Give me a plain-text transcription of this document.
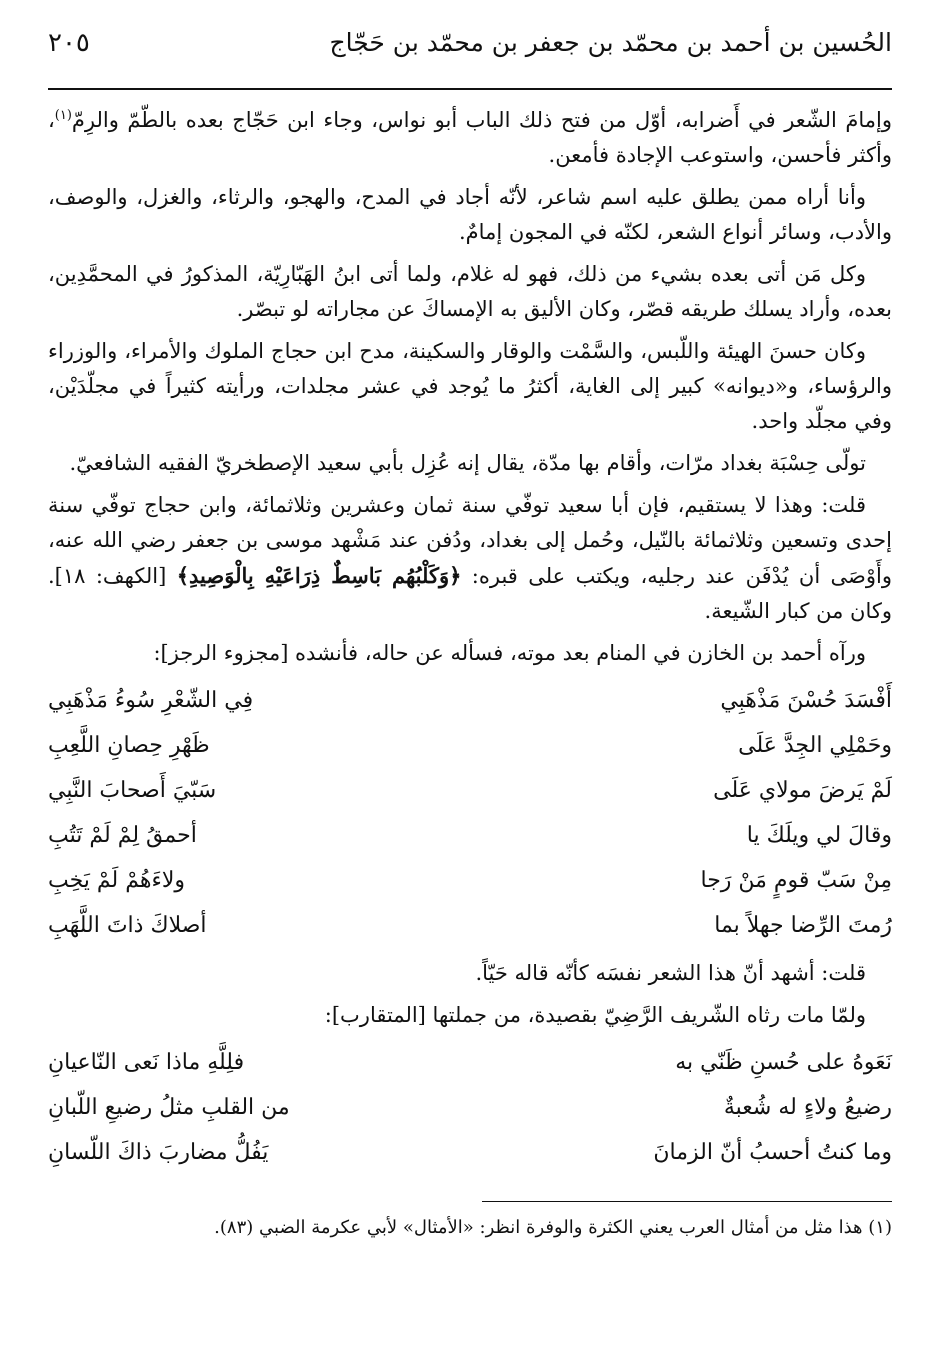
الحُسين بن أحمد بن محمّد بن جعفر بن محمّد بن حَجّاج
٢٠٥

وإمامَ الشّعر في أَضرابه، أوّل من فتح ذلك الباب أبو نواس، وجاء ابن حَجّاج بعده بالطّمّ والرِمّ$^{(١)}$، وأكثر فأحسن، واستوعب الإجادة فأمعن.

وأنا أراه ممن يطلق عليه اسم شاعر، لأنّه أجاد في المدح، والهجو، والرثاء، والغزل، والوصف، والأدب، وسائر أنواع الشعر، لكنّه في المجون إمامٌ.

وكل مَن أتى بعده بشيء من ذلك، فهو له غلام، ولما أتى ابنُ الهَبّارِيّة، المذكورُ في المحمَّدِين، بعده، وأراد يسلك طريقه قصّر، وكان الأليق به الإمساكَ عن مجاراته لو تبصّر.

وكان حسنَ الهيئة واللّبس، والسَّمْت والوقار والسكينة، مدح ابن حجاج الملوك والأمراء، والوزراء والرؤساء، و«ديوانه» كبير إلى الغاية، أكثرُ ما يُوجد في عشر مجلدات، ورأيته كثيراً في مجلّدَيْن، وفي مجلّد واحد.

تولّى حِسْبَة بغداد مرّات، وأقام بها مدّة، يقال إنه عُزِل بأبي سعيد الإصطخريّ الفقيه الشافعيّ.

قلت: وهذا لا يستقيم، فإن أبا سعيد توفّي سنة ثمان وعشرين وثلاثمائة، وابن حجاج توفّي سنة إحدى وتسعين وثلاثمائة بالنّيل، وحُمل إلى بغداد، ودُفن عند مَشْهد موسى بن جعفر رضي الله عنه، وأَوْصَى أن يُدْفَن عند رجليه، ويكتب على قبره: ﴿وَكَلْبُهُم بَاسِطٌ ذِرَاعَيْهِ بِالْوَصِيدِ﴾ [الكهف: ١٨]. وكان من كبار الشّيعة.

ورآه أحمد بن الخازن في المنام بعد موته، فسأله عن حاله، فأنشده [مجزوء الرجز]:

أَفْسَدَ حُسْنَ مَذْهَبِي
فِي الشّعْرِ سُوءُ مَذْهَبِي
وحَمْلِي الجِدَّ عَلَى
ظَهْرِ حِصانِ اللَّعِبِ
لَمْ يَرضَ مولاي عَلَى
سَبّيَ أَصحابَ النَّبِي
وقالَ لي ويلَكَ يا
أحمقُ لِمْ لَمْ تَتُبِ
مِنْ سَبّ قومٍ مَنْ رَجا
ولاءَهُمْ لَمْ يَخِبِ
رُمتَ الرِّضا جهلاً بما
أصلاكَ ذاتَ اللَّهَبِ

قلت: أشهد أنّ هذا الشعر نفسَه كأنّه قاله حَيّاً.

ولمّا مات رثاه الشّريف الرَّضِيّ بقصيدة، من جملتها [المتقارب]:

نَعَوهُ على حُسنِ ظَنّي به
فلِلَّهِ ماذا نَعى النّاعيانِ
رضيعُ ولاءٍ له شُعبةٌ
من القلبِ مثلُ رضيعِ اللّبانِ
وما كنتُ أحسبُ أنّ الزمانَ
يَفُلُّ مضاربَ ذاكَ اللّسانِ
(١) هذا مثل من أمثال العرب يعني الكثرة والوفرة انظر: «الأمثال» لأبي عكرمة الضبي (٨٣).
